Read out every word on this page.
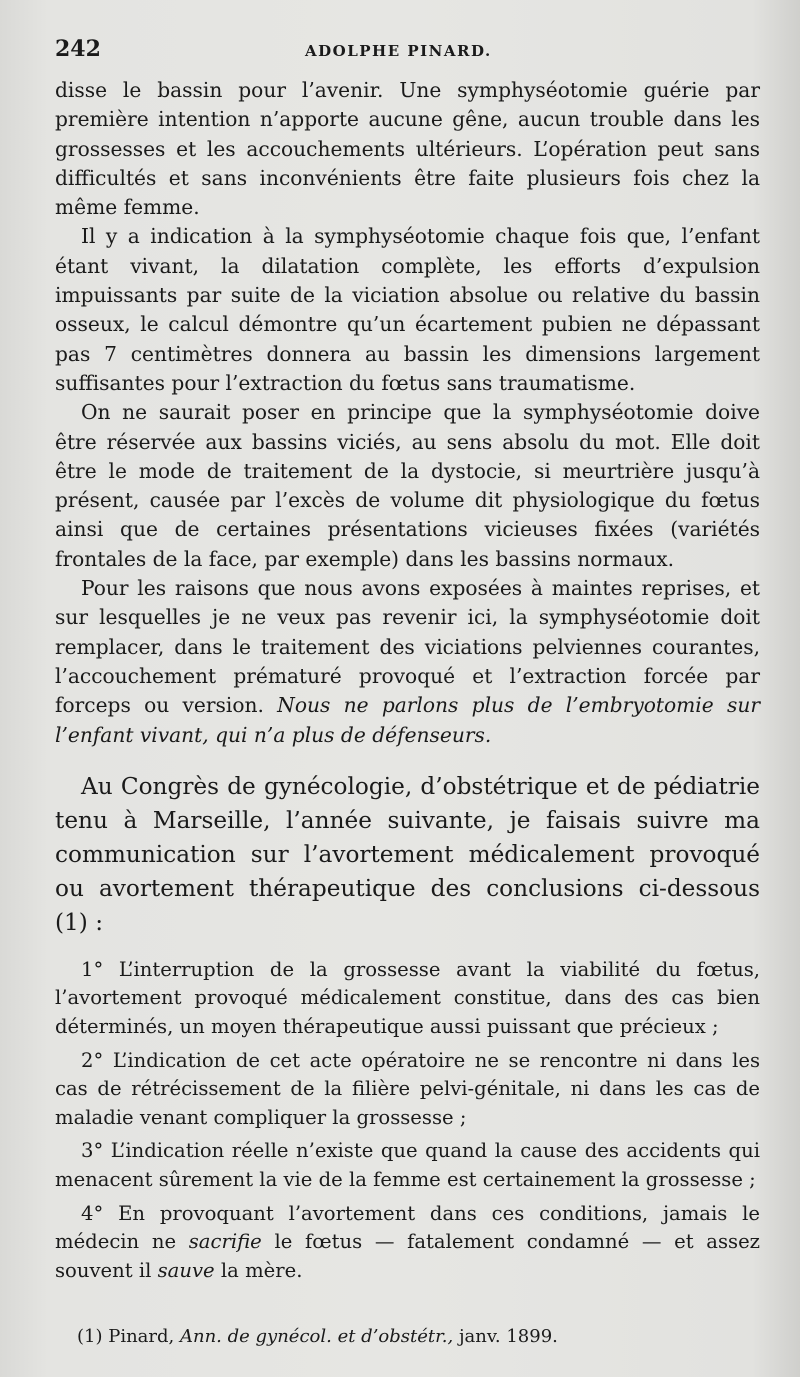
242	ADOLPHE PINARD.

disse le bassin pour l’avenir. Une symphyséotomie guérie par première intention n’apporte aucune gêne, aucun trouble dans les grossesses et les accouchements ultérieurs. L’opération peut sans difficultés et sans inconvénients être faite plusieurs fois chez la même femme.

Il y a indication à la symphyséotomie chaque fois que, l’enfant étant vivant, la dilatation complète, les efforts d’expulsion impuissants par suite de la viciation absolue ou relative du bassin osseux, le calcul démontre qu’un écartement pubien ne dépassant pas 7 centimètres donnera au bassin les dimensions largement suffisantes pour l’extraction du fœtus sans traumatisme.

On ne saurait poser en principe que la symphyséotomie doive être réservée aux bassins viciés, au sens absolu du mot. Elle doit être le mode de traitement de la dystocie, si meurtrière jusqu’à présent, causée par l’excès de volume dit physiologique du fœtus ainsi que de certaines présentations vicieuses fixées (variétés frontales de la face, par exemple) dans les bassins normaux.

Pour les raisons que nous avons exposées à maintes reprises, et sur lesquelles je ne veux pas revenir ici, la symphyséotomie doit remplacer, dans le traitement des viciations pelviennes courantes, l’accouchement prématuré provoqué et l’extraction forcée par forceps ou version. Nous ne parlons plus de l’embryotomie sur l’enfant vivant, qui n’a plus de défenseurs.

Au Congrès de gynécologie, d’obstétrique et de pédiatrie tenu à Marseille, l’année suivante, je faisais suivre ma communication sur l’avortement médicalement provoqué ou avortement thérapeutique des conclusions ci-dessous (1) :

1° L’interruption de la grossesse avant la viabilité du fœtus, l’avortement provoqué médicalement constitue, dans des cas bien déterminés, un moyen thérapeutique aussi puissant que précieux ;

2° L’indication de cet acte opératoire ne se rencontre ni dans les cas de rétrécissement de la filière pelvi-génitale, ni dans les cas de maladie venant compliquer la grossesse ;

3° L’indication réelle n’existe que quand la cause des accidents qui menacent sûrement la vie de la femme est certainement la grossesse ;

4° En provoquant l’avortement dans ces conditions, jamais le médecin ne sacrifie le fœtus — fatalement condamné — et assez souvent il sauve la mère.

(1) Pinard, Ann. de gynécol. et d’obstétr., janv. 1899.
